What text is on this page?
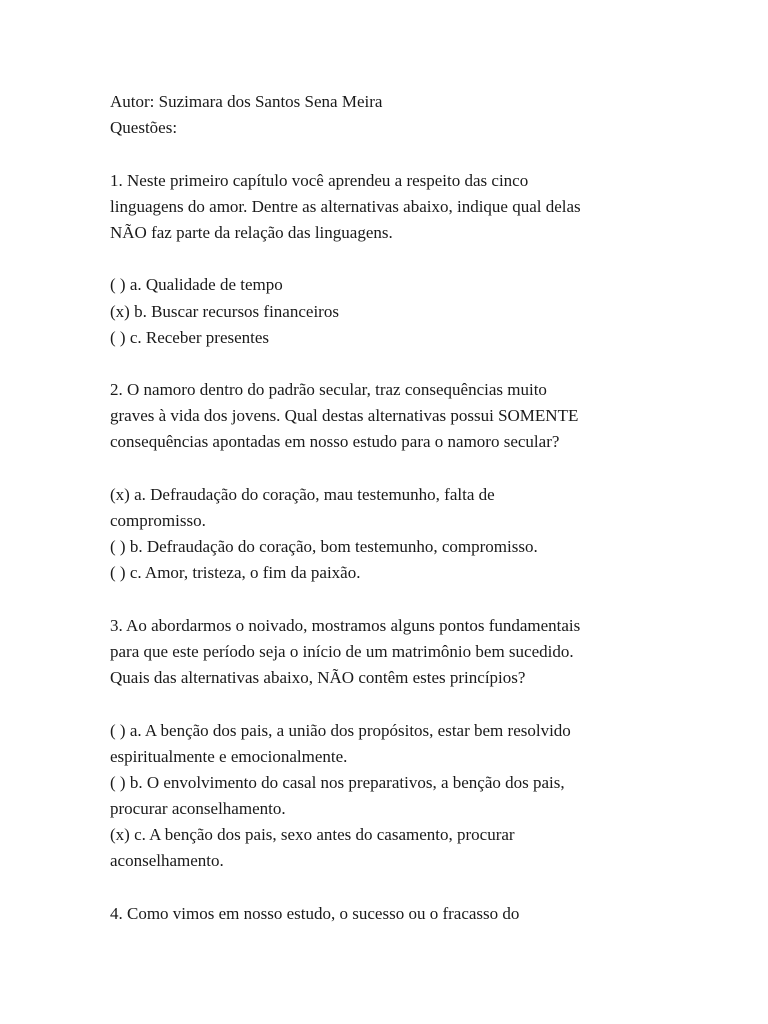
Autor: Suzimara dos Santos Sena Meira
Questões:
1. Neste primeiro capítulo você aprendeu a respeito das cinco
linguagens do amor. Dentre as alternativas abaixo, indique qual delas
NÃO faz parte da relação das linguagens.
( ) a. Qualidade de tempo
(x) b. Buscar recursos financeiros
( ) c. Receber presentes
2. O namoro dentro do padrão secular, traz consequências muito
graves à vida dos jovens. Qual destas alternativas possui SOMENTE
consequências apontadas em nosso estudo para o namoro secular?
(x) a. Defraudação do coração, mau testemunho, falta de
compromisso.
( ) b. Defraudação do coração, bom testemunho, compromisso.
( ) c. Amor, tristeza, o fim da paixão.
3. Ao abordarmos o noivado, mostramos alguns pontos fundamentais
para que este período seja o início de um matrimônio bem sucedido.
Quais das alternativas abaixo, NÃO contêm estes princípios?
( ) a. A benção dos pais, a união dos propósitos, estar bem resolvido
espiritualmente e emocionalmente.
( ) b. O envolvimento do casal nos preparativos, a benção dos pais,
procurar aconselhamento.
(x) c. A benção dos pais, sexo antes do casamento, procurar
aconselhamento.
4. Como vimos em nosso estudo, o sucesso ou o fracasso do
